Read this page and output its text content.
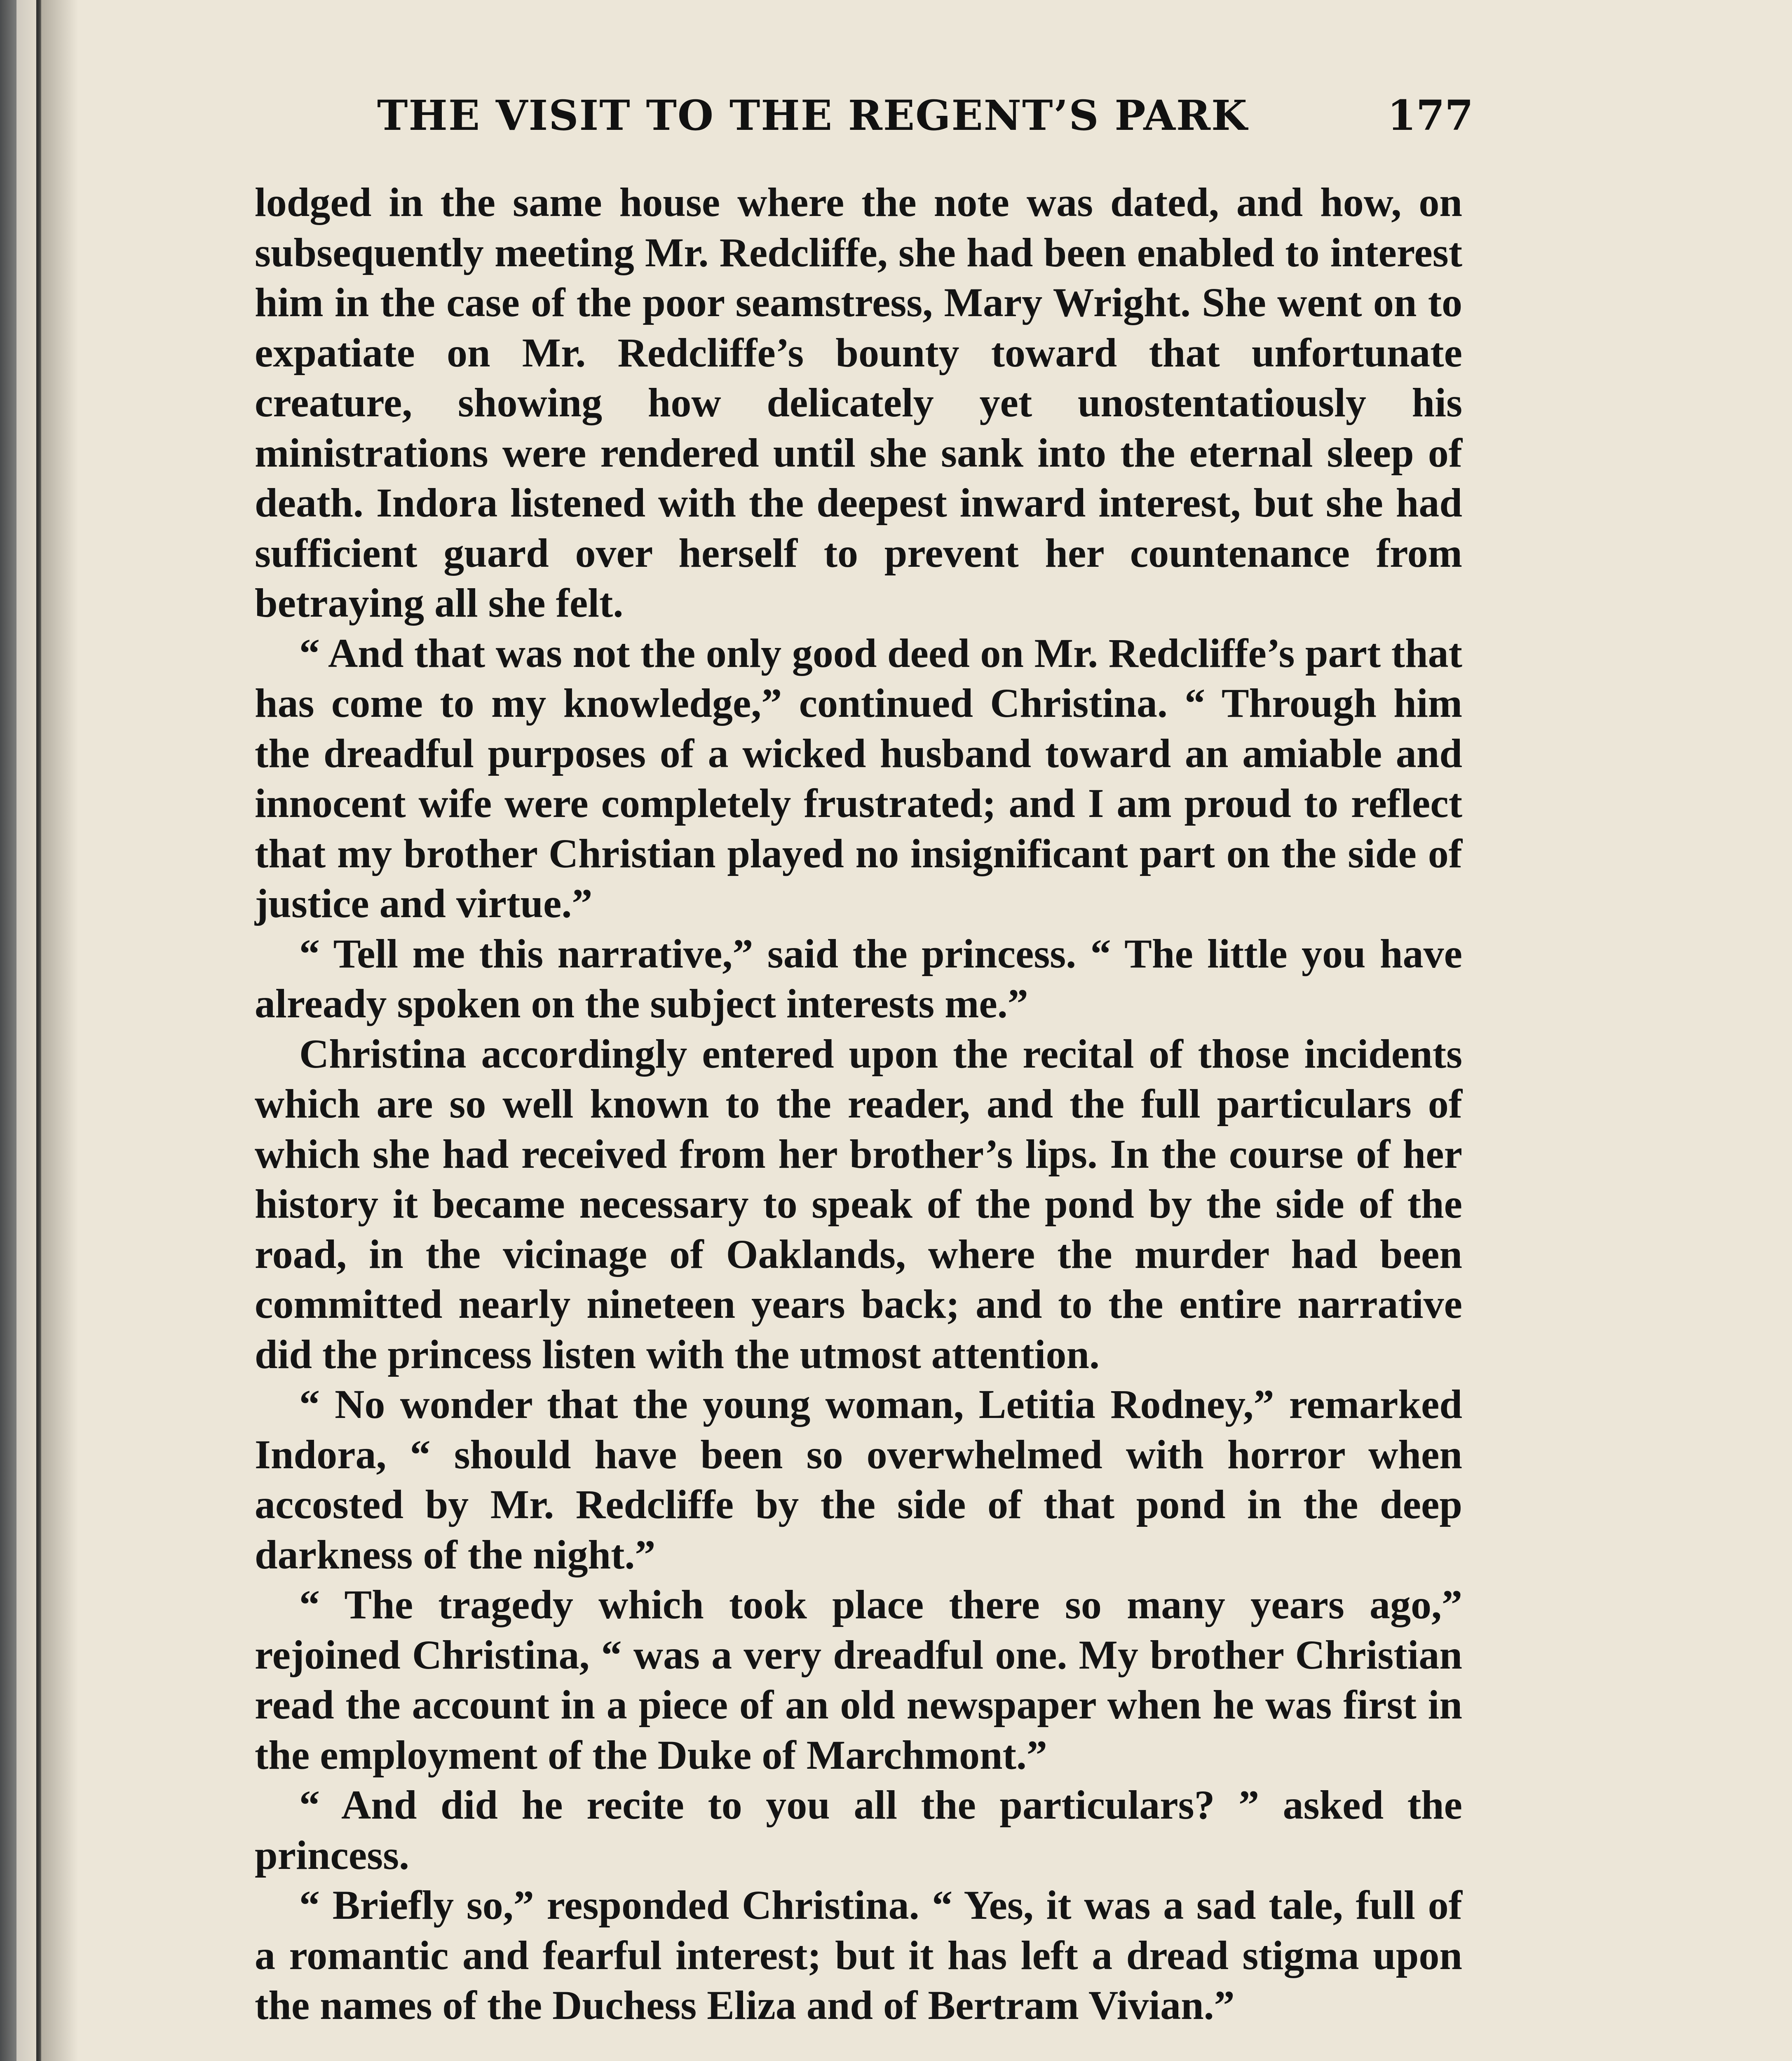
THE VISIT TO THE REGENT’S PARK	177

lodged in the same house where the note was dated, and how, on subsequently meeting Mr. Redcliffe, she had been enabled to interest him in the case of the poor seamstress, Mary Wright. She went on to expatiate on Mr. Redcliffe’s bounty toward that unfortunate creature, showing how delicately yet unostentatiously his ministrations were rendered until she sank into the eternal sleep of death. Indora listened with the deepest inward interest, but she had sufficient guard over herself to prevent her countenance from betraying all she felt.

“ And that was not the only good deed on Mr. Redcliffe’s part that has come to my knowledge,” continued Christina. “ Through him the dreadful purposes of a wicked husband toward an amiable and innocent wife were completely frustrated; and I am proud to reflect that my brother Christian played no insignificant part on the side of justice and virtue.”

“ Tell me this narrative,” said the princess. “ The little you have already spoken on the subject interests me.”

Christina accordingly entered upon the recital of those incidents which are so well known to the reader, and the full particulars of which she had received from her brother’s lips. In the course of her history it became necessary to speak of the pond by the side of the road, in the vicinage of Oaklands, where the murder had been committed nearly nineteen years back; and to the entire narrative did the princess listen with the utmost attention.

“ No wonder that the young woman, Letitia Rodney,” remarked Indora, “ should have been so overwhelmed with horror when accosted by Mr. Redcliffe by the side of that pond in the deep darkness of the night.”

“ The tragedy which took place there so many years ago,” rejoined Christina, “ was a very dreadful one. My brother Christian read the account in a piece of an old newspaper when he was first in the employment of the Duke of Marchmont.”

“ And did he recite to you all the particulars? ” asked the princess.

“ Briefly so,” responded Christina. “ Yes, it was a sad tale, full of a romantic and fearful interest; but it has left a dread stigma upon the names of the Duchess Eliza and of Bertram Vivian.”
